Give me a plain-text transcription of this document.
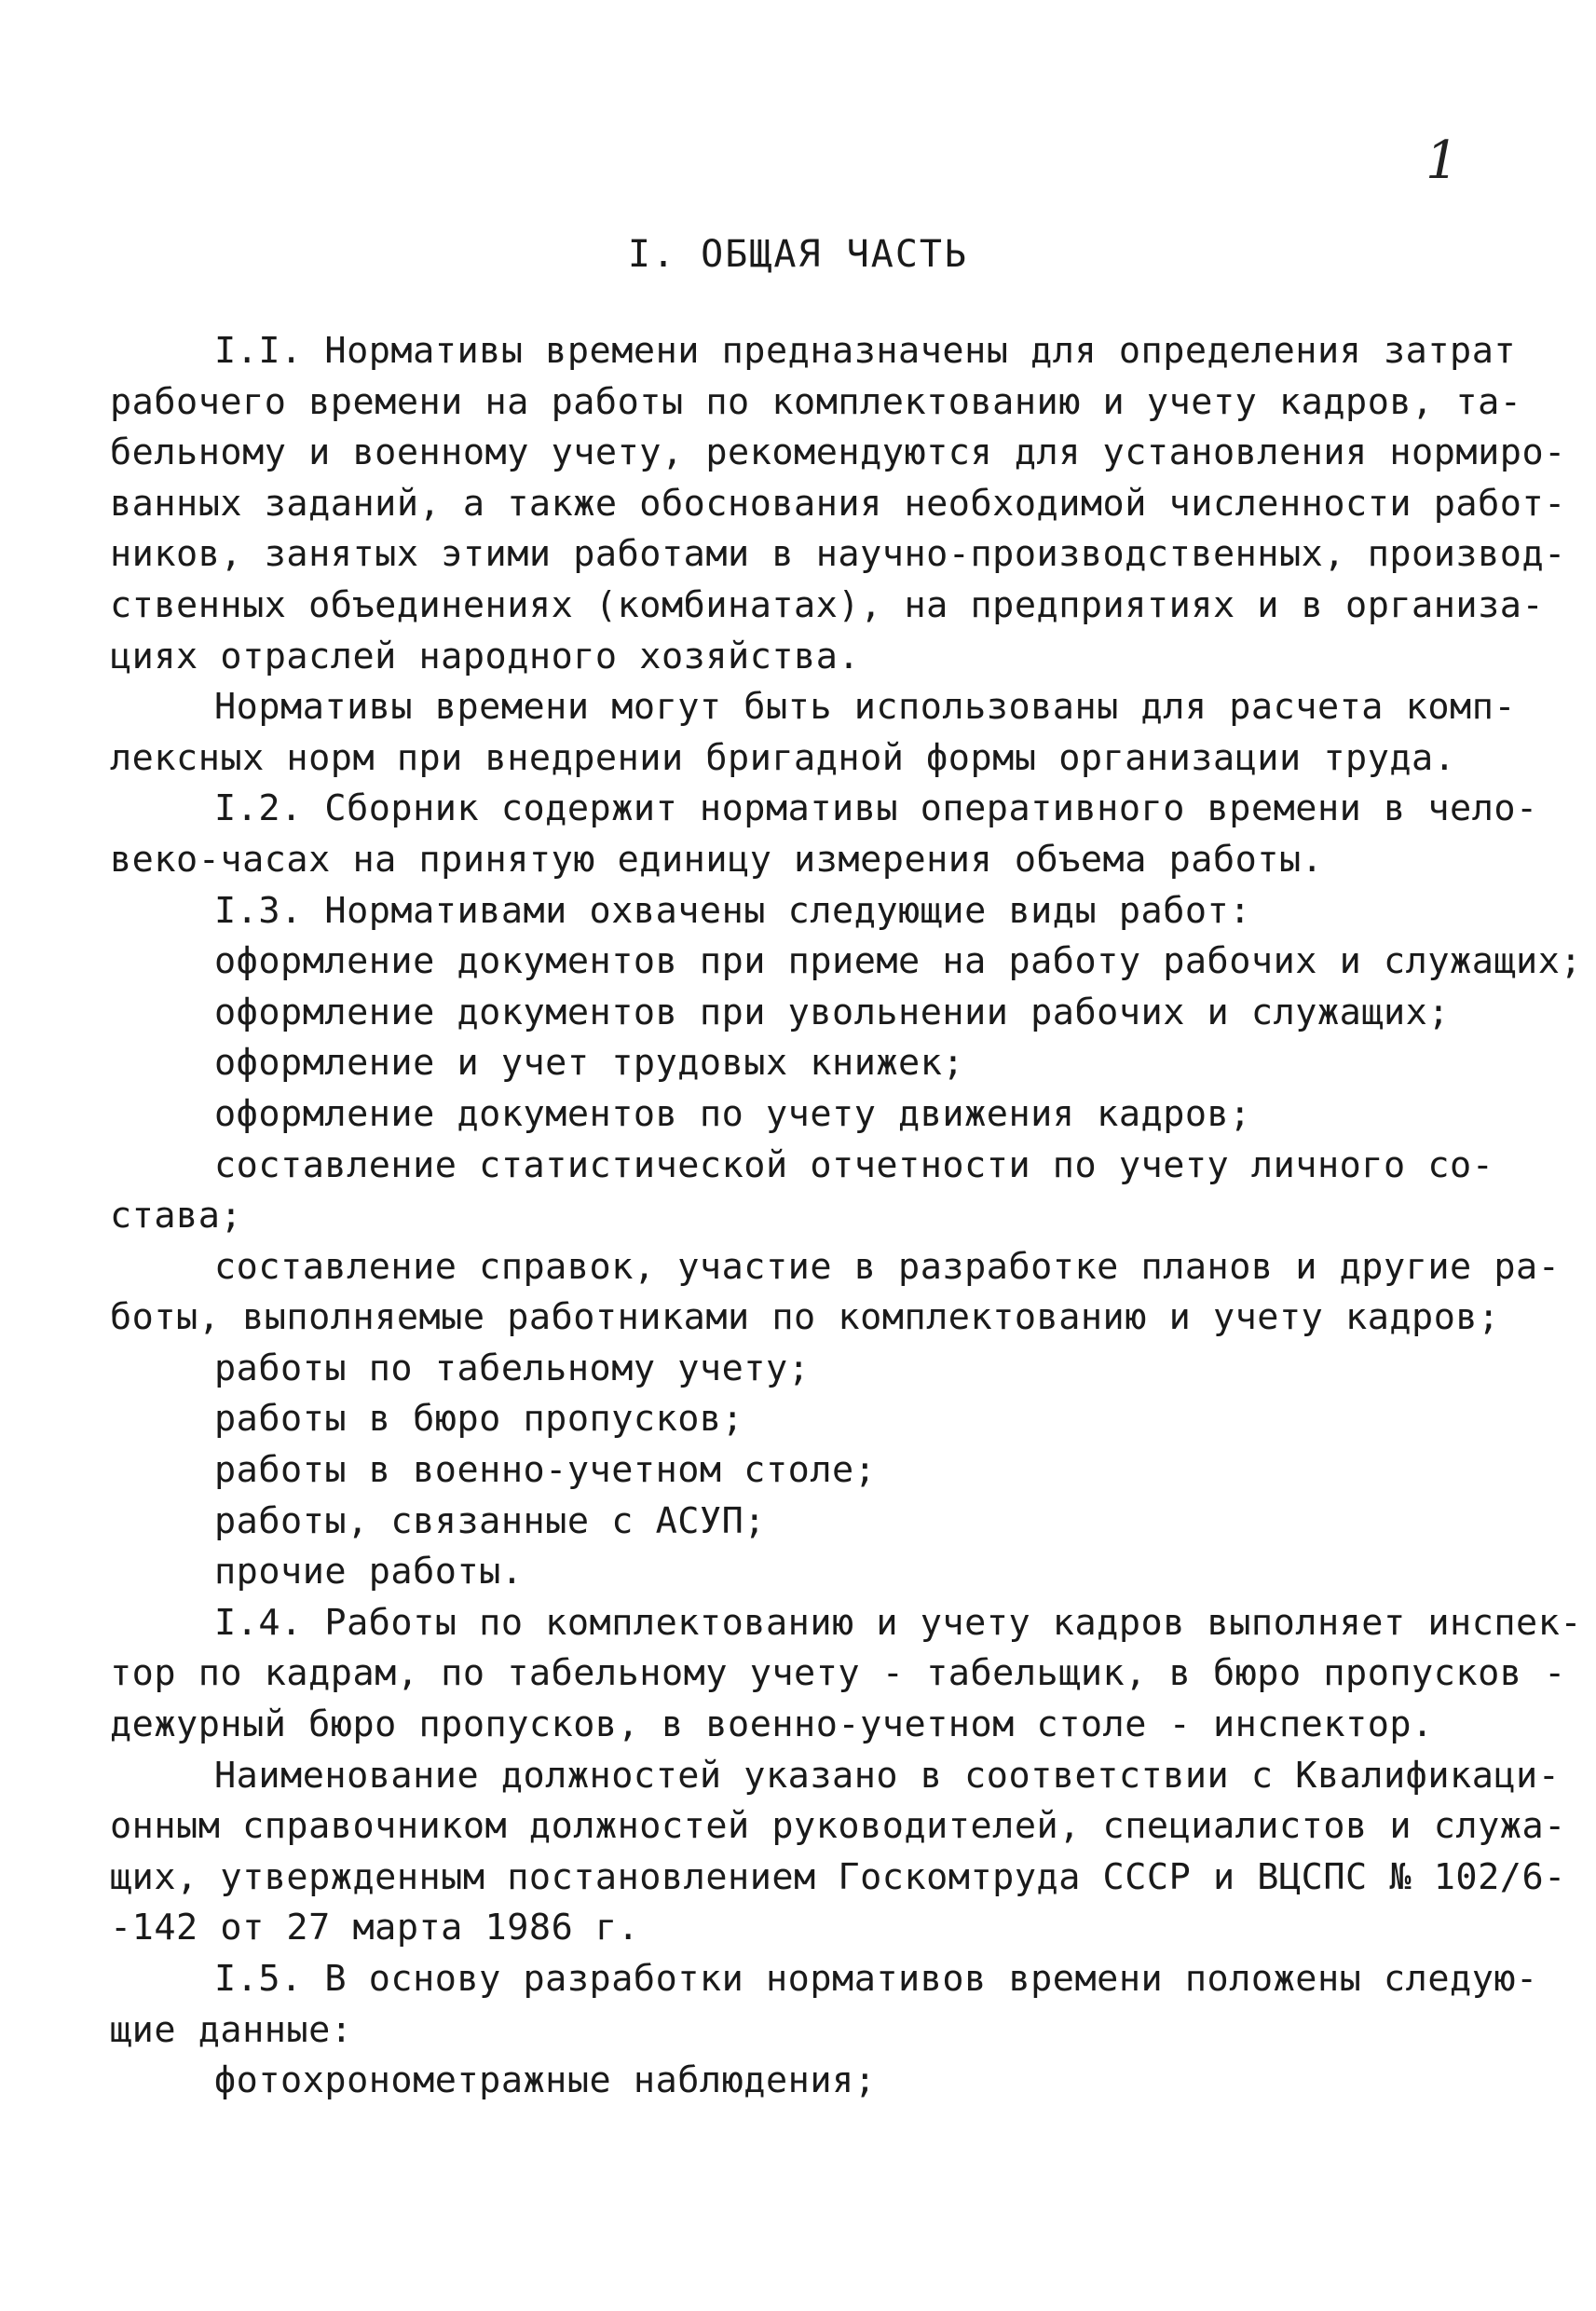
1
I. ОБЩАЯ ЧАСТЬ
I.I. Нормативы времени предназначены для определения затрат
рабочего времени на работы по комплектованию и учету кадров, та-
бельному и военному учету, рекомендуются для установления нормиро-
ванных заданий, а также обоснования необходимой численности работ-
ников, занятых этими работами в научно-производственных, производ-
ственных объединениях (комбинатах), на предприятиях и в организа-
циях отраслей народного хозяйства.
Нормативы времени могут быть использованы для расчета комп-
лексных норм при внедрении бригадной формы организации труда.
I.2. Сборник содержит нормативы оперативного времени в чело-
веко-часах на принятую единицу измерения объема работы.
I.3. Нормативами охвачены следующие виды работ:
оформление документов при приеме на работу рабочих и служащих;
оформление документов при увольнении рабочих и служащих;
оформление и учет трудовых книжек;
оформление документов по учету движения кадров;
составление статистической отчетности по учету личного со-
става;
составление справок, участие в разработке планов и другие ра-
боты, выполняемые работниками по комплектованию и учету кадров;
работы по табельному учету;
работы в бюро пропусков;
работы в военно-учетном столе;
работы, связанные с АСУП;
прочие работы.
I.4. Работы по комплектованию и учету кадров выполняет инспек-
тор по кадрам, по табельному учету - табельщик, в бюро пропусков -
дежурный бюро пропусков, в военно-учетном столе - инспектор.
Наименование должностей указано в соответствии с Квалификаци-
онным справочником должностей руководителей, специалистов и служа-
щих, утвержденным постановлением Госкомтруда СССР и ВЦСПС № 102/6-
-142 от 27 марта 1986 г.
I.5. В основу разработки нормативов времени положены следую-
щие данные:
фотохронометражные наблюдения;
